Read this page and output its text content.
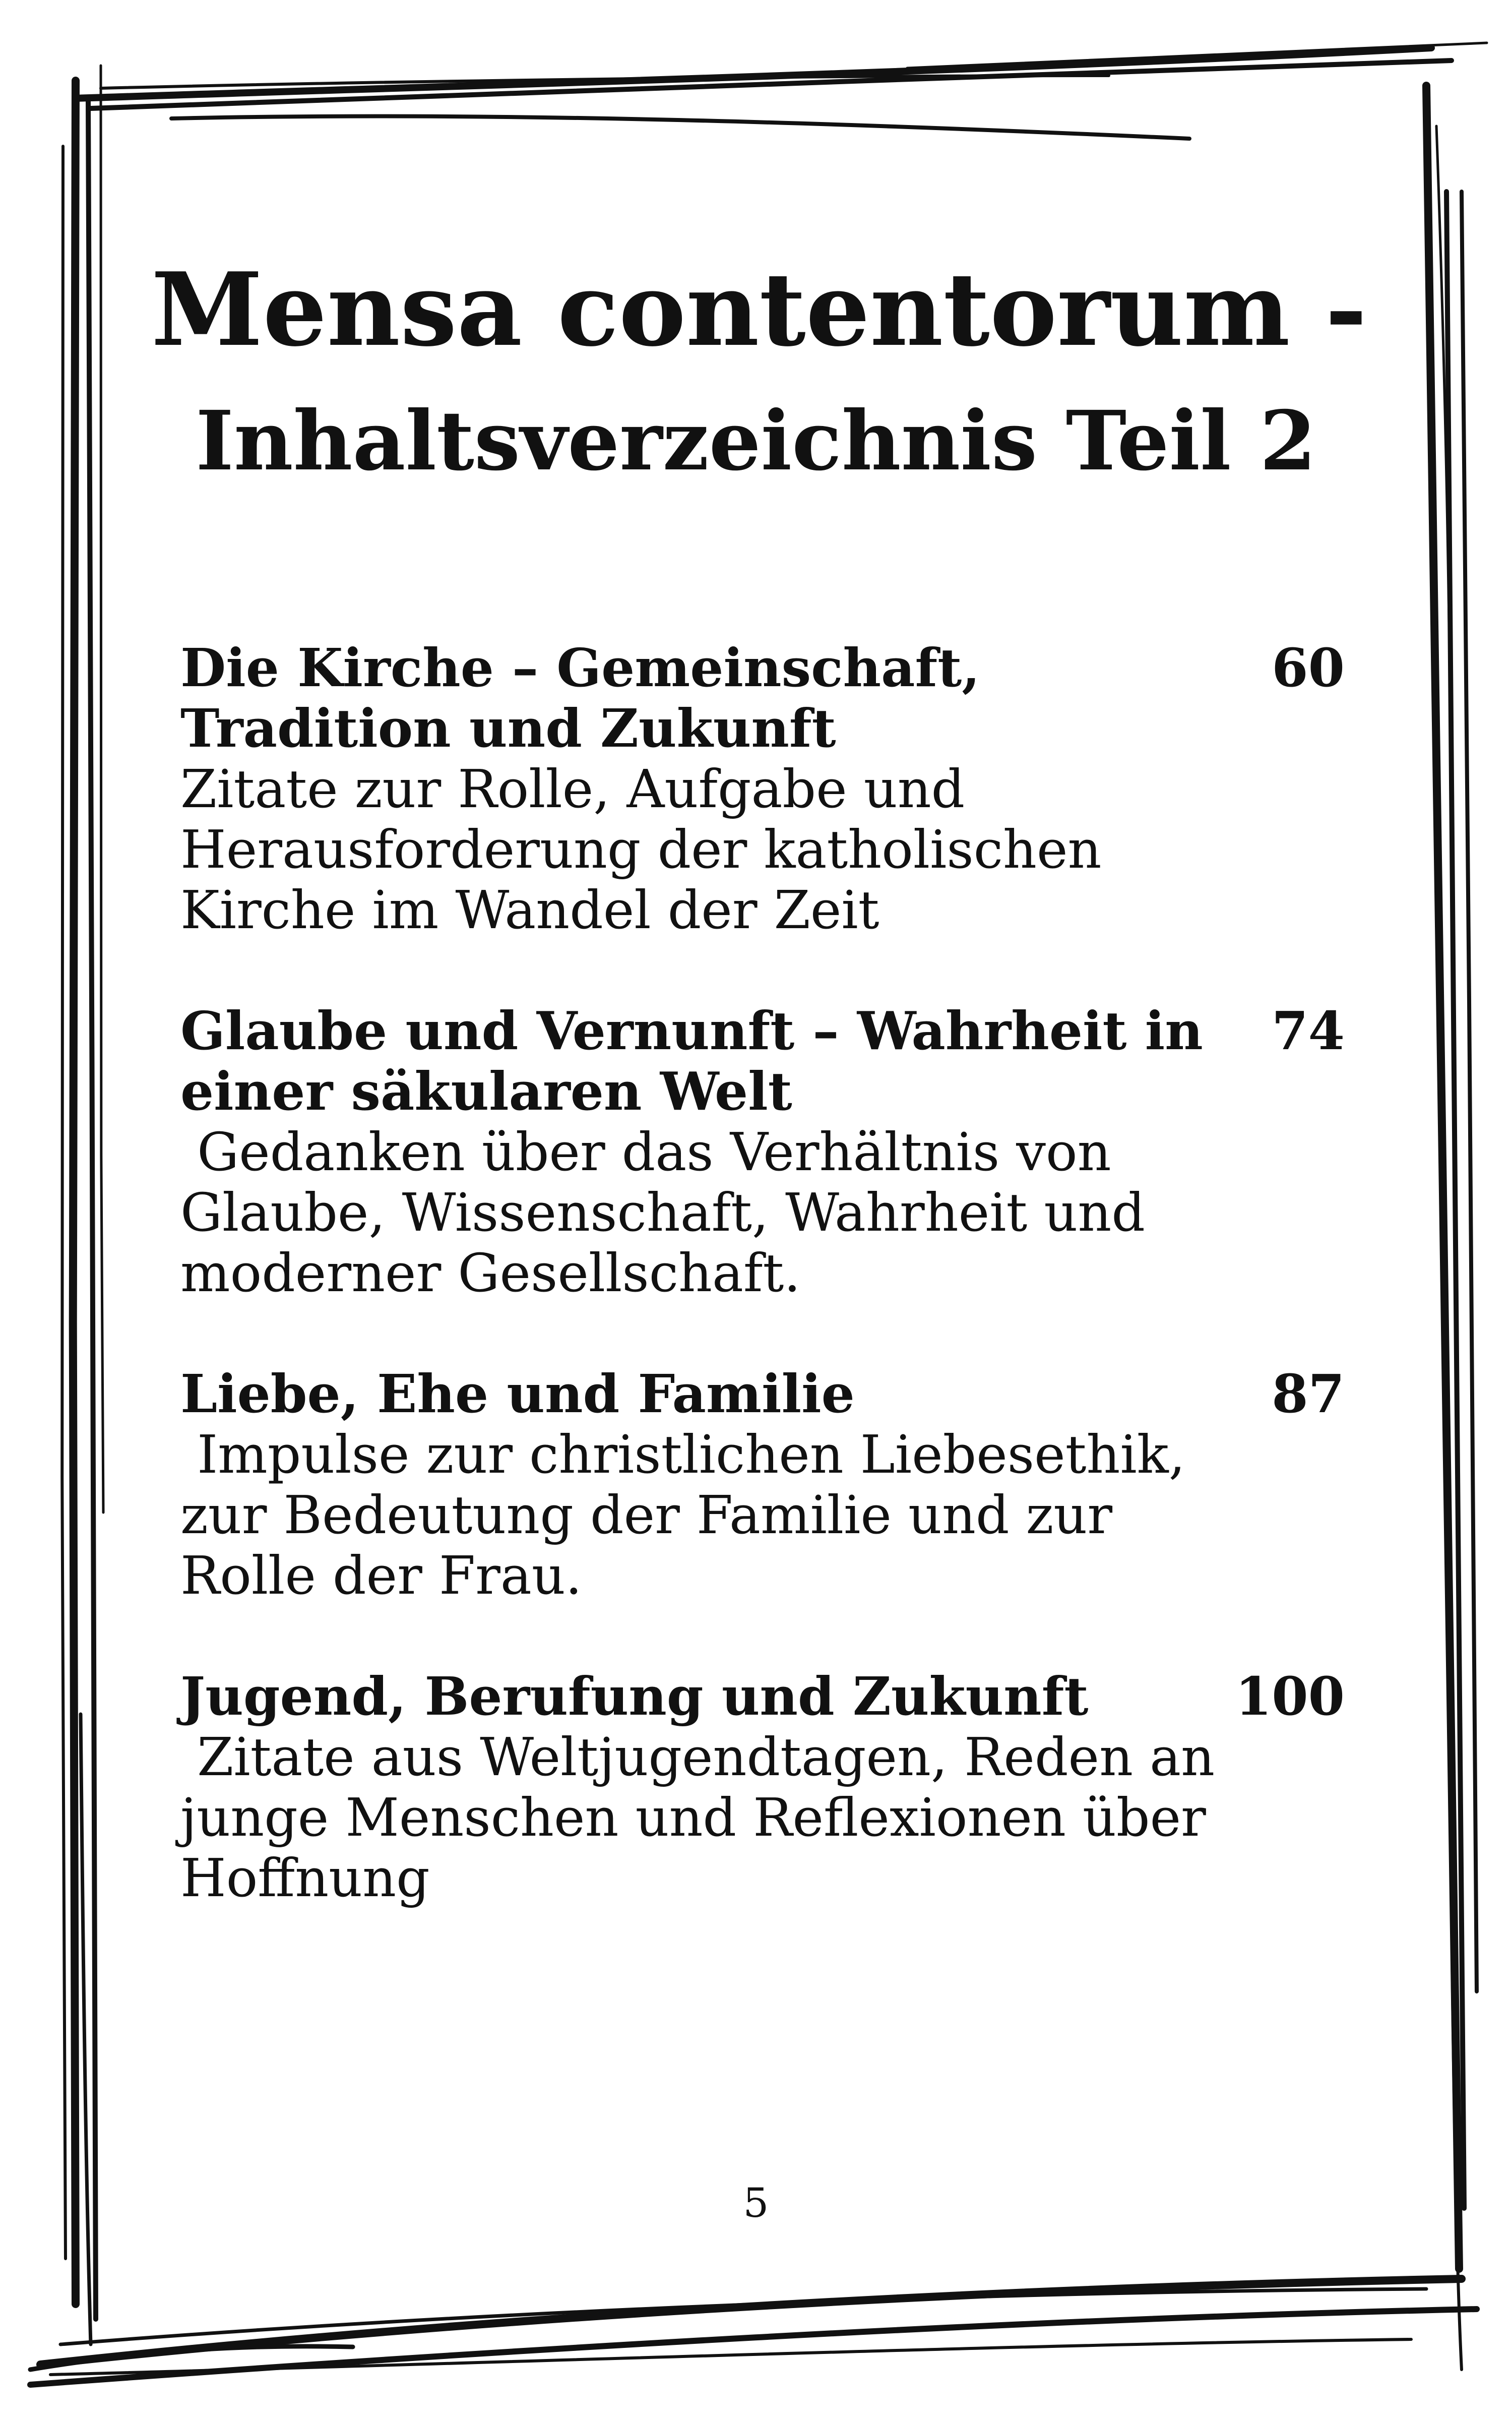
Mensa contentorum -
Inhaltsverzeichnis Teil 2

Die Kirche – Gemeinschaft, Tradition und Zukunft

Zitate zur Rolle, Aufgabe und Herausforderung der katholischen Kirche im Wandel der Zeit

60

Glaube und Vernunft – Wahrheit in einer säkularen Welt

Gedanken über das Verhältnis von Glaube, Wissenschaft, Wahrheit und moderner Gesellschaft.

74

Liebe, Ehe und Familie

Impulse zur christlichen Liebesethik, zur Bedeutung der Familie und zur Rolle der Frau.

87

Jugend, Berufung und Zukunft

Zitate aus Weltjugendtagen, Reden an junge Menschen und Reflexionen über Hoffnung

100
5
